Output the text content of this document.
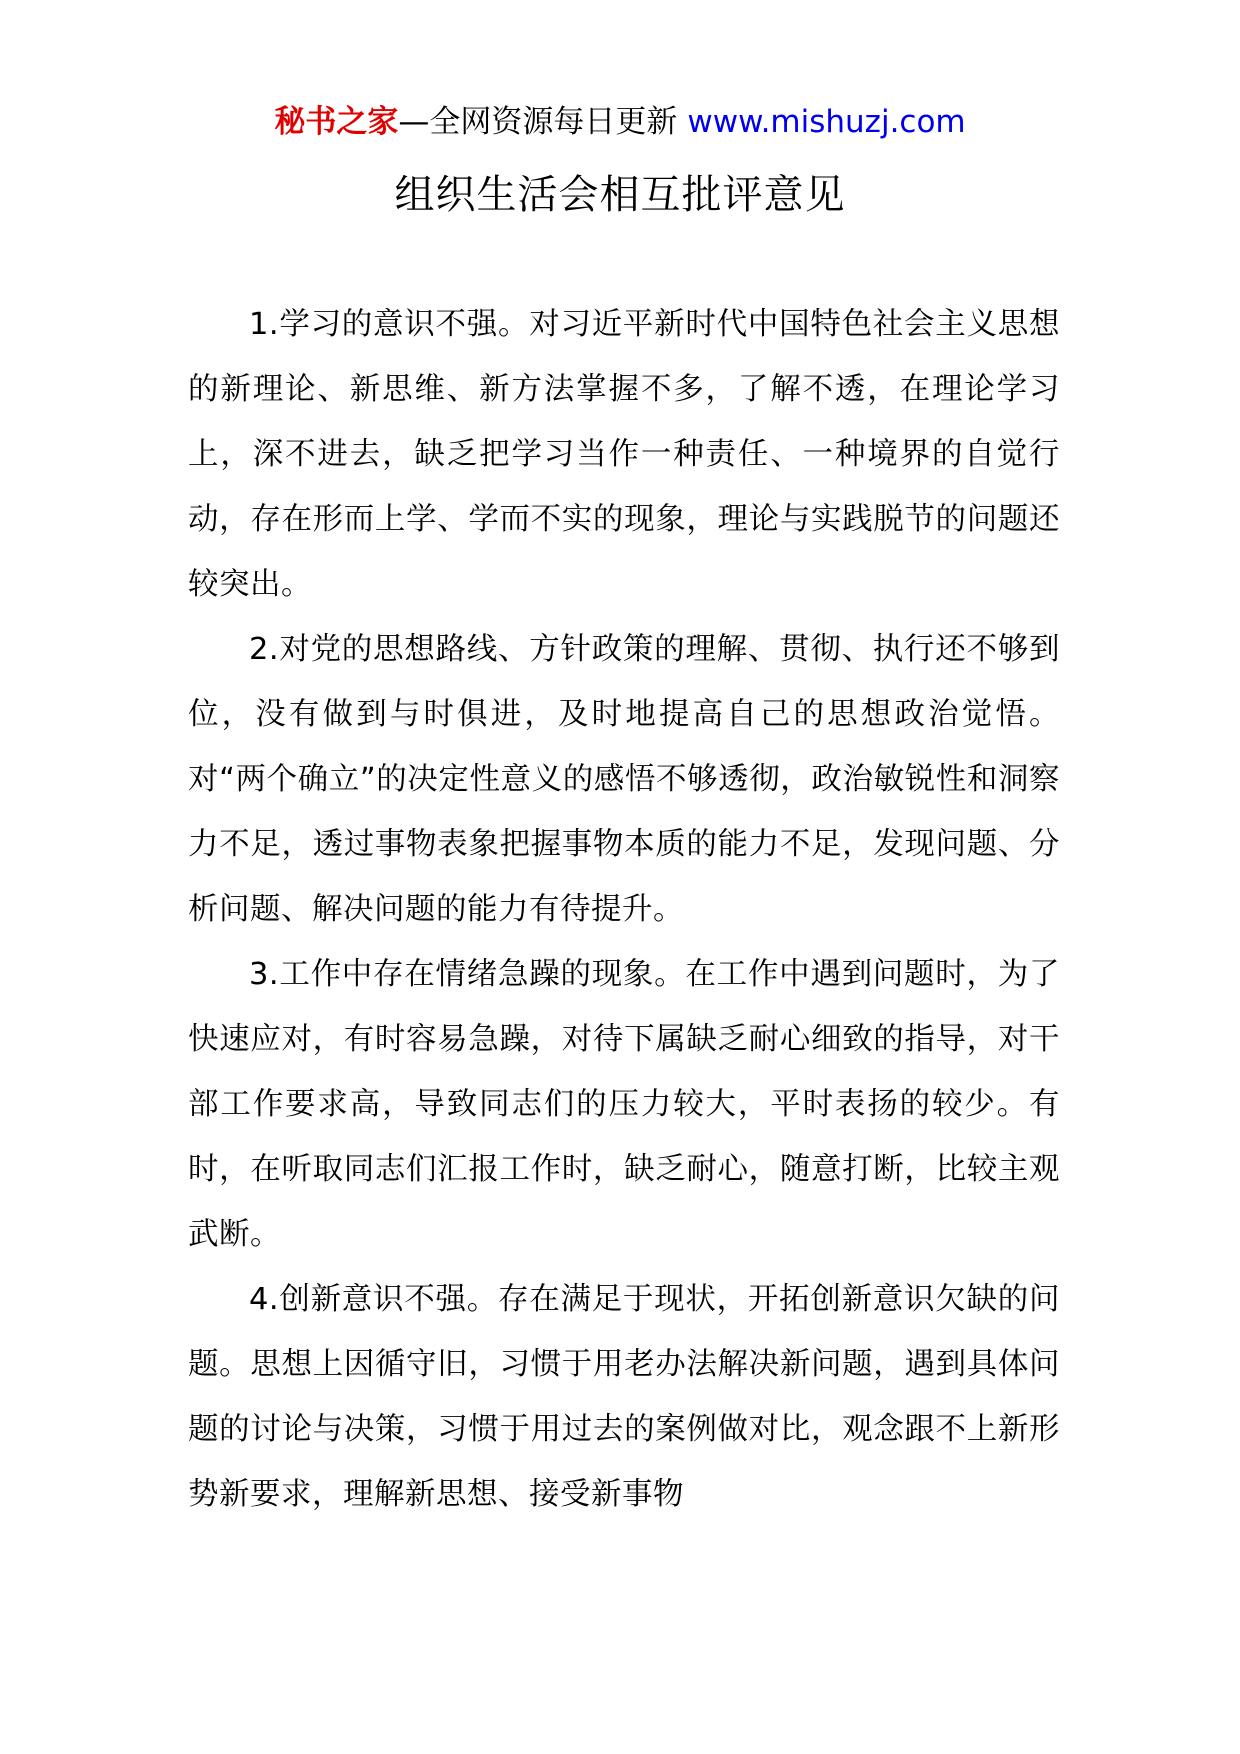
秘书之家—全网资源每日更新 www.mishuzj.com
组织生活会相互批评意见

1.学习的意识不强。对习近平新时代中国特色社会主义思想的新理论、新思维、新方法掌握不多，了解不透，在理论学习上，深不进去，缺乏把学习当作一种责任、一种境界的自觉行动，存在形而上学、学而不实的现象，理论与实践脱节的问题还较突出。

2.对党的思想路线、方针政策的理解、贯彻、执行还不够到位，没有做到与时俱进，及时地提高自己的思想政治觉悟。对“两个确立”的决定性意义的感悟不够透彻，政治敏锐性和洞察力不足，透过事物表象把握事物本质的能力不足，发现问题、分析问题、解决问题的能力有待提升。

3.工作中存在情绪急躁的现象。在工作中遇到问题时，为了快速应对，有时容易急躁，对待下属缺乏耐心细致的指导，对干部工作要求高，导致同志们的压力较大，平时表扬的较少。有时，在听取同志们汇报工作时，缺乏耐心，随意打断，比较主观武断。

4.创新意识不强。存在满足于现状，开拓创新意识欠缺的问题。思想上因循守旧，习惯于用老办法解决新问题，遇到具体问题的讨论与决策，习惯于用过去的案例做对比，观念跟不上新形势新要求，理解新思想、接受新事物
